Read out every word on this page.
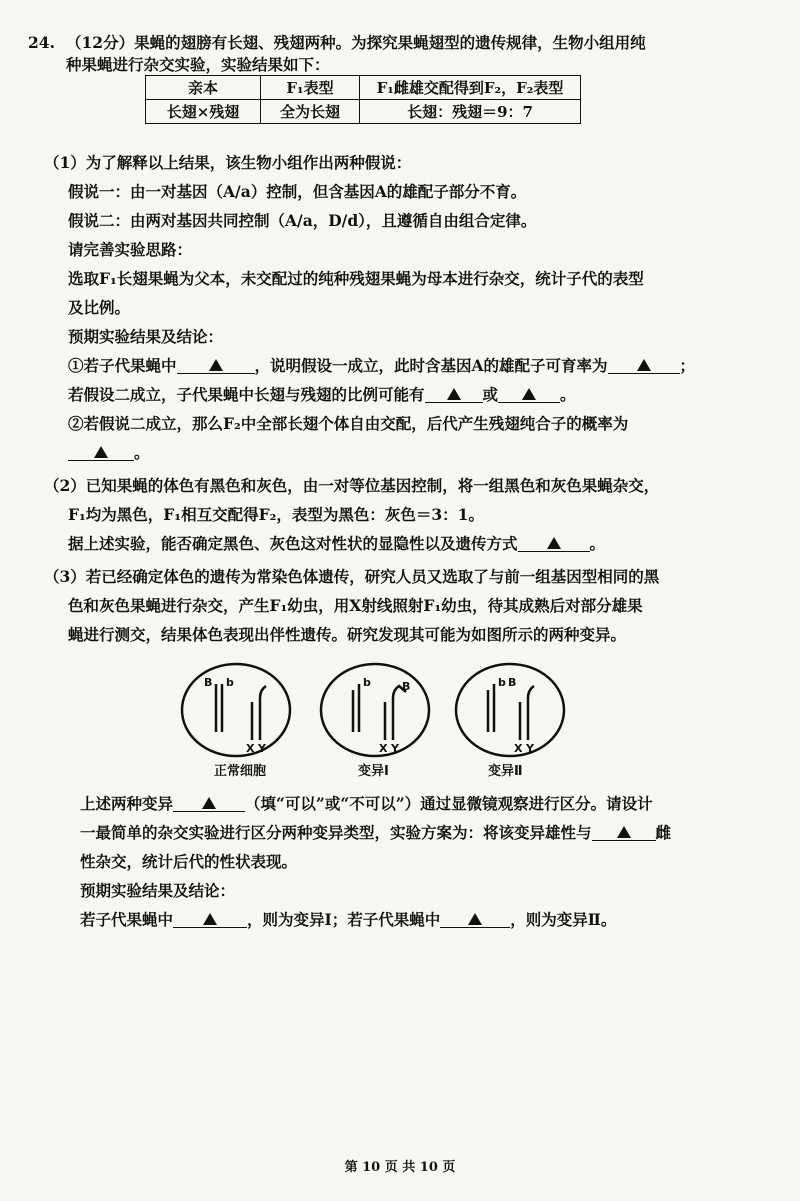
24. （12分）果蝇的翅膀有长翅、残翅两种。为探究果蝇翅型的遗传规律，生物小组用纯
种果蝇进行杂交实验，实验结果如下：
亲本	F₁表型	F₁雌雄交配得到F₂，F₂表型
长翅×残翅	全为长翅	长翅：残翅＝9：7
（1）为了解释以上结果，该生物小组作出两种假说：
假说一：由一对基因（A/a）控制，但含基因A的雄配子部分不育。
假说二：由两对基因共同控制（A/a，D/d），且遵循自由组合定律。
请完善实验思路：
选取F₁长翅果蝇为父本，未交配过的纯种残翅果蝇为母本进行杂交，统计子代的表型
及比例。
预期实验结果及结论：
①若子代果蝇中	，说明假设一成立，此时含基因A的雄配子可育率为	；
若假设二成立，子代果蝇中长翅与残翅的比例可能有	或	。
②若假说二成立，那么F₂中全部长翅个体自由交配，后代产生残翅纯合子的概率为
。
（2）已知果蝇的体色有黑色和灰色，由一对等位基因控制，将一组黑色和灰色果蝇杂交，
F₁均为黑色，F₁相互交配得F₂，表型为黑色：灰色＝3：1。
据上述实验，能否确定黑色、灰色这对性状的显隐性以及遗传方式	。
（3）若已经确定体色的遗传为常染色体遗传，研究人员又选取了与前一组基因型相同的黑
色和灰色果蝇进行杂交，产生F₁幼虫，用X射线照射F₁幼虫，待其成熟后对部分雄果
蝇进行测交，结果体色表现出伴性遗传。研究发现其可能为如图所示的两种变异。
B b
X Y
b	B
X Y
b B
X Y
正常细胞	变异Ⅰ	变异Ⅱ
上述两种变异	（填“可以”或“不可以”）通过显微镜观察进行区分。请设计
一最简单的杂交实验进行区分两种变异类型，实验方案为：将该变异雄性与	雌
性杂交，统计后代的性状表现。
预期实验结果及结论：
若子代果蝇中	，则为变异Ⅰ；若子代果蝇中	，则为变异Ⅱ。
第 10 页 共 10 页
